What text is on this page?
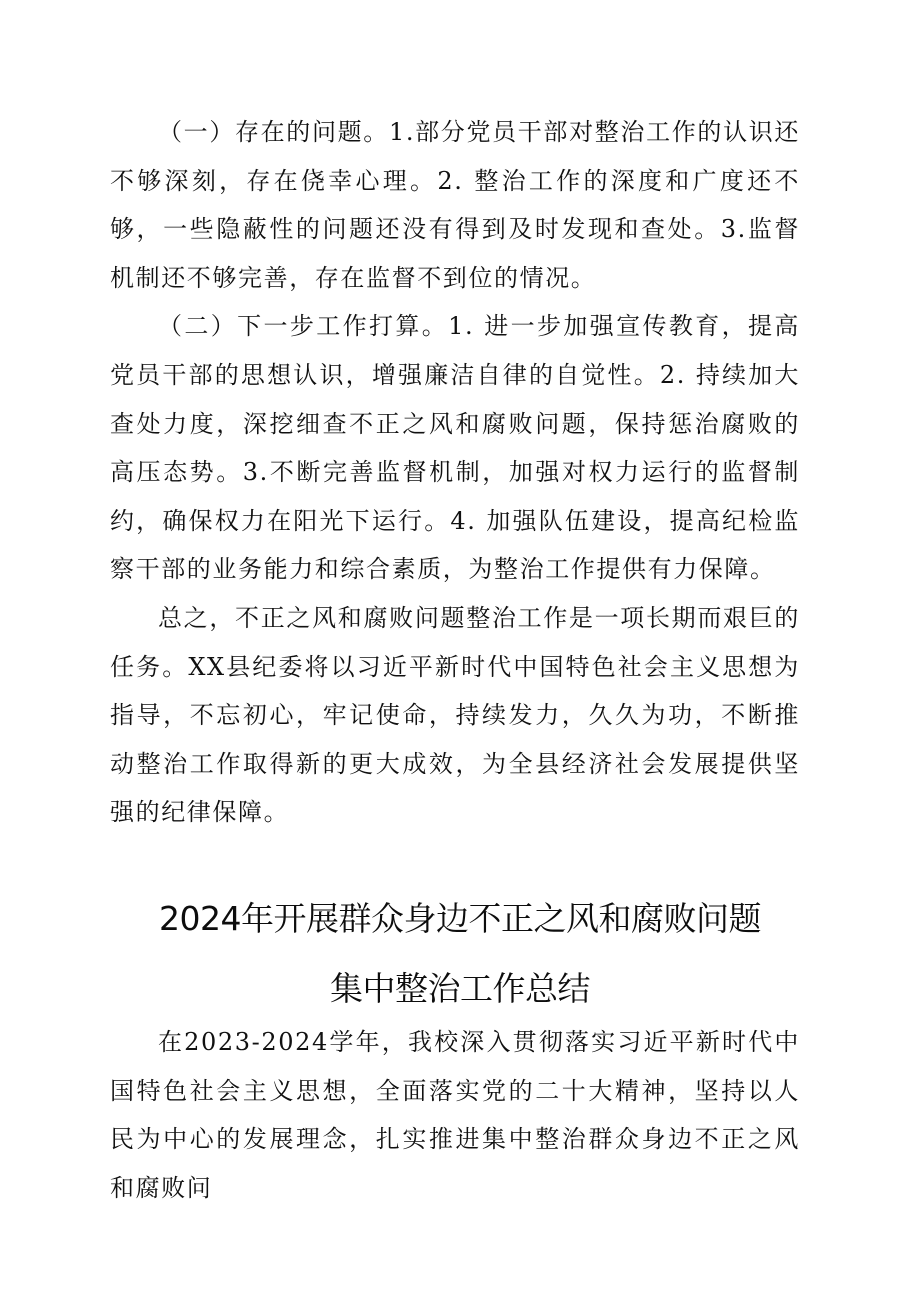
（一）存在的问题。1.部分党员干部对整治工作的认识还不够深刻，存在侥幸心理。2. 整治工作的深度和广度还不够，一些隐蔽性的问题还没有得到及时发现和查处。3.监督机制还不够完善，存在监督不到位的情况。

（二）下一步工作打算。1. 进一步加强宣传教育，提高党员干部的思想认识，增强廉洁自律的自觉性。2. 持续加大查处力度，深挖细查不正之风和腐败问题，保持惩治腐败的高压态势。3.不断完善监督机制，加强对权力运行的监督制约，确保权力在阳光下运行。4. 加强队伍建设，提高纪检监察干部的业务能力和综合素质，为整治工作提供有力保障。

总之，不正之风和腐败问题整治工作是一项长期而艰巨的任务。XX县纪委将以习近平新时代中国特色社会主义思想为指导，不忘初心，牢记使命，持续发力，久久为功，不断推动整治工作取得新的更大成效，为全县经济社会发展提供坚强的纪律保障。

2024年开展群众身边不正之风和腐败问题

集中整治工作总结

在2023-2024学年，我校深入贯彻落实习近平新时代中国特色社会主义思想，全面落实党的二十大精神，坚持以人民为中心的发展理念，扎实推进集中整治群众身边不正之风和腐败问
